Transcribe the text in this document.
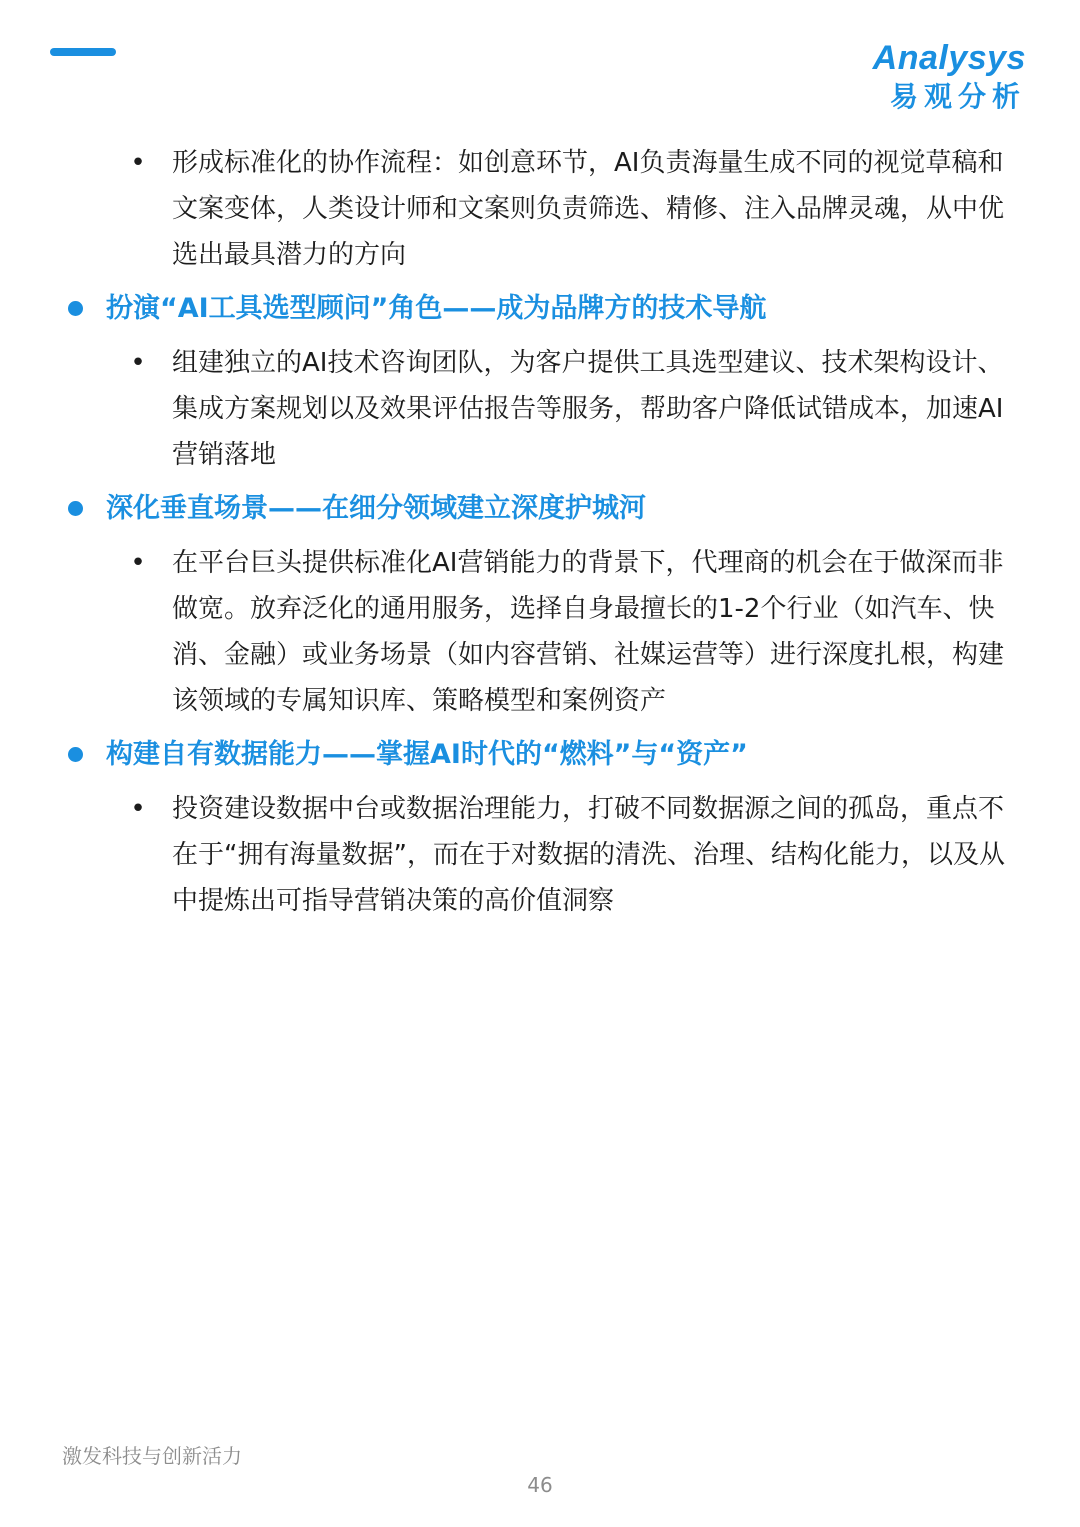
Analysys
易观分析
• 形成标准化的协作流程：如创意环节，AI负责海量生成不同的视觉草稿和文案变体，人类设计师和文案则负责筛选、精修、注入品牌灵魂，从中优选出最具潜力的方向
扮演“AI工具选型顾问”角色——成为品牌方的技术导航
• 组建独立的AI技术咨询团队，为客户提供工具选型建议、技术架构设计、集成方案规划以及效果评估报告等服务，帮助客户降低试错成本，加速AI营销落地
深化垂直场景——在细分领域建立深度护城河
• 在平台巨头提供标准化AI营销能力的背景下，代理商的机会在于做深而非做宽。放弃泛化的通用服务，选择自身最擅长的1-2个行业（如汽车、快消、金融）或业务场景（如内容营销、社媒运营等）进行深度扎根，构建该领域的专属知识库、策略模型和案例资产
构建自有数据能力——掌握AI时代的“燃料”与“资产”
• 投资建设数据中台或数据治理能力，打破不同数据源之间的孤岛，重点不在于“拥有海量数据”，而在于对数据的清洗、治理、结构化能力，以及从中提炼出可指导营销决策的高价值洞察
激发科技与创新活力
46
